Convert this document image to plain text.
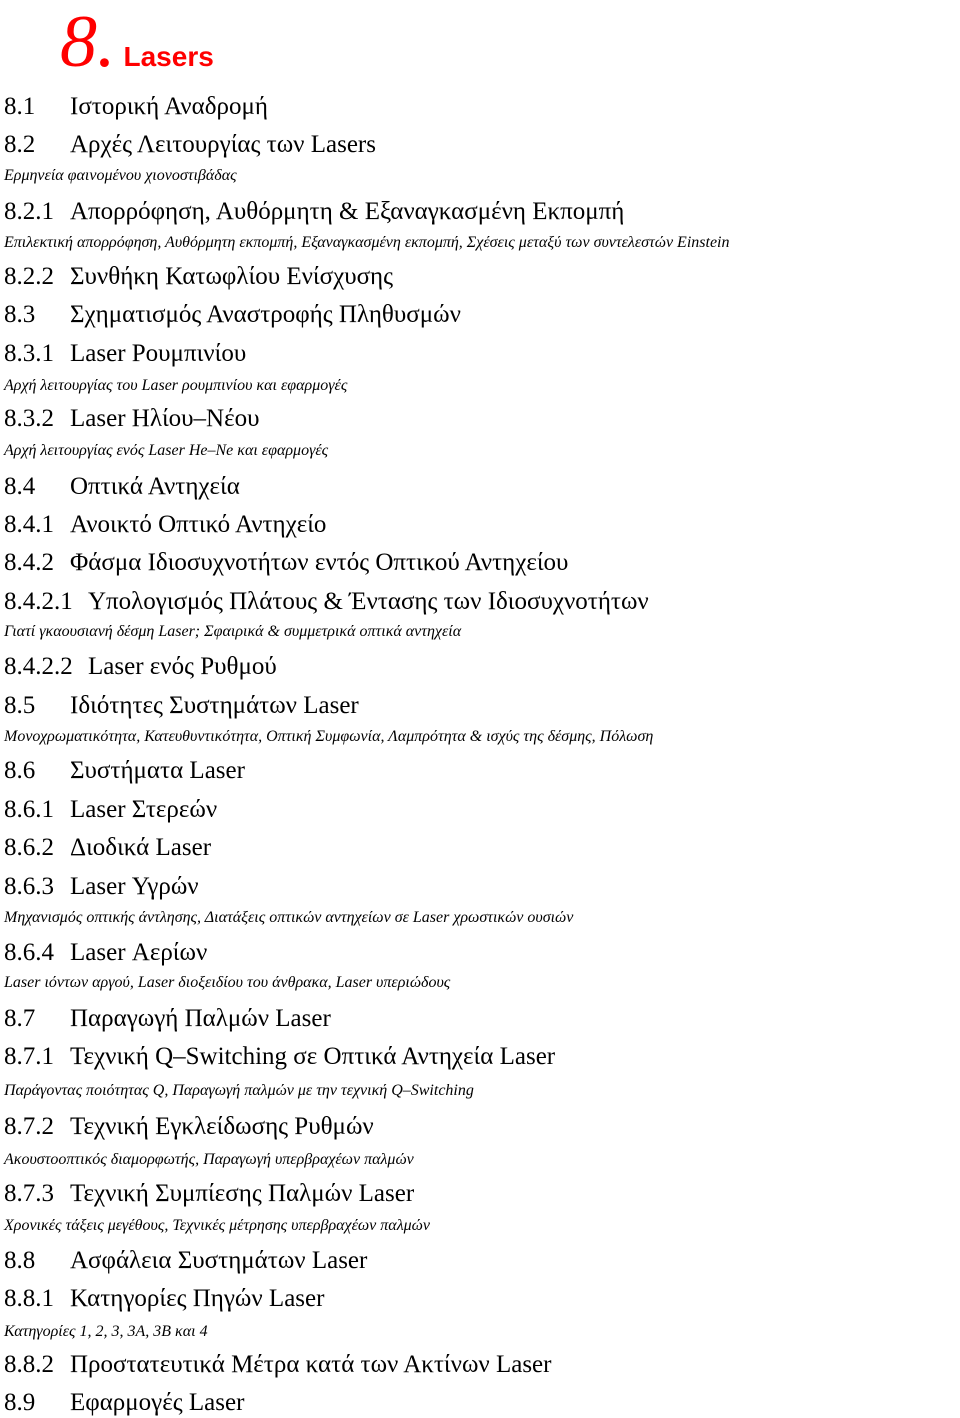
8. Lasers
8.1 Ιστορική Αναδρομή
8.2 Αρχές Λειτουργίας των Lasers
Ερμηνεία φαινομένου χιονοστιβάδας
8.2.1 Απορρόφηση, Αυθόρμητη & Εξαναγκασμένη Εκπομπή
Επιλεκτική απορρόφηση, Αυθόρμητη εκπομπή, Εξαναγκασμένη εκπομπή, Σχέσεις μεταξύ των συντελεστών Einstein
8.2.2 Συνθήκη Κατωφλίου Ενίσχυσης
8.3 Σχηματισμός Αναστροφής Πληθυσμών
8.3.1 Laser Ρουμπινίου
Αρχή λειτουργίας του Laser ρουμπινίου και εφαρμογές
8.3.2 Laser Ηλίου–Νέου
Αρχή λειτουργίας ενός Laser He–Ne και εφαρμογές
8.4 Οπτικά Αντηχεία
8.4.1 Ανοικτό Οπτικό Αντηχείο
8.4.2 Φάσμα Ιδιοσυχνοτήτων εντός Οπτικού Αντηχείου
8.4.2.1 Υπολογισμός Πλάτους & Έντασης των Ιδιοσυχνοτήτων
Γιατί γκαουσιανή δέσμη Laser; Σφαιρικά & συμμετρικά οπτικά αντηχεία
8.4.2.2 Laser ενός Ρυθμού
8.5 Ιδιότητες Συστημάτων Laser
Μονοχρωματικότητα, Κατευθυντικότητα, Οπτική Συμφωνία, Λαμπρότητα & ισχύς της δέσμης, Πόλωση
8.6 Συστήματα Laser
8.6.1 Laser Στερεών
8.6.2 Διοδικά Laser
8.6.3 Laser Υγρών
Μηχανισμός οπτικής άντλησης, Διατάξεις οπτικών αντηχείων σε Laser χρωστικών ουσιών
8.6.4 Laser Αερίων
Laser ιόντων αργού, Laser διοξειδίου του άνθρακα, Laser υπεριώδους
8.7 Παραγωγή Παλμών Laser
8.7.1 Τεχνική Q–Switching σε Οπτικά Αντηχεία Laser
Παράγοντας ποιότητας Q, Παραγωγή παλμών με την τεχνική Q–Switching
8.7.2 Τεχνική Εγκλείδωσης Ρυθμών
Ακουστοοπτικός διαμορφωτής, Παραγωγή υπερβραχέων παλμών
8.7.3 Τεχνική Συμπίεσης Παλμών Laser
Χρονικές τάξεις μεγέθους, Τεχνικές μέτρησης υπερβραχέων παλμών
8.8 Ασφάλεια Συστημάτων Laser
8.8.1 Κατηγορίες Πηγών Laser
Κατηγορίες 1, 2, 3, 3A, 3B και 4
8.8.2 Προστατευτικά Μέτρα κατά των Ακτίνων Laser
8.9 Εφαρμογές Laser
